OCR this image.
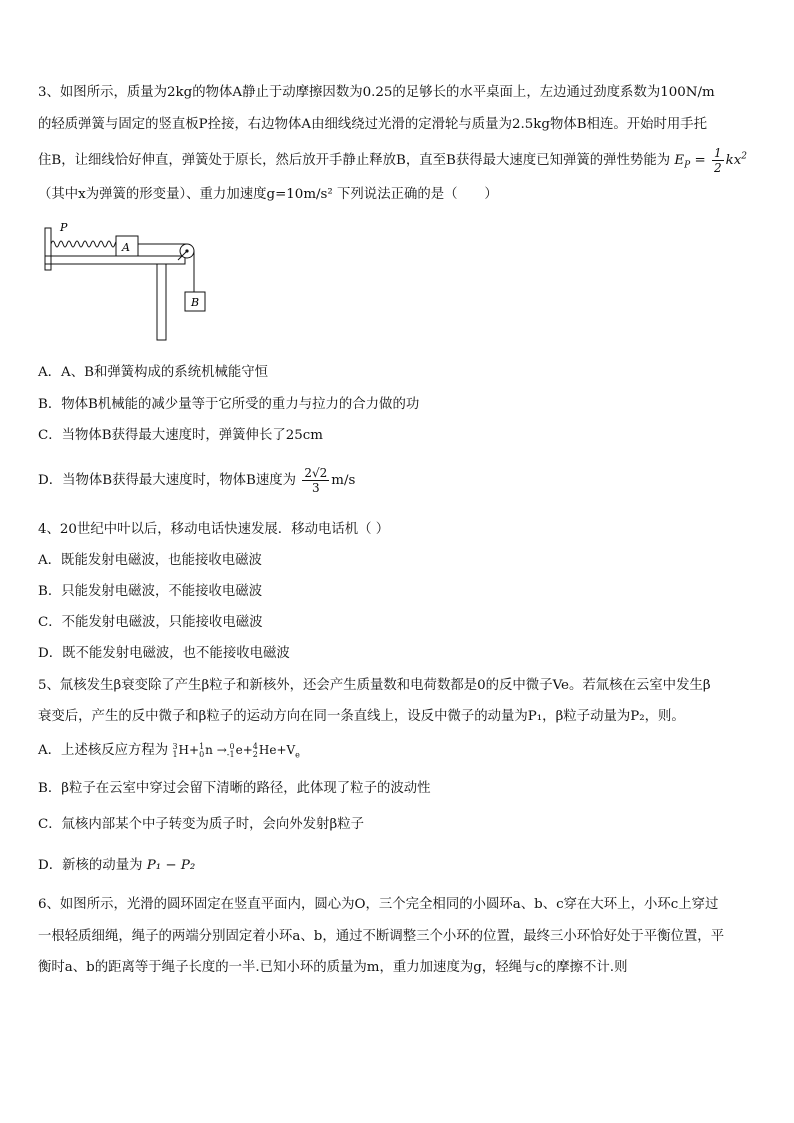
3、如图所示，质量为2kg的物体A静止于动摩擦因数为0.25的足够长的水平桌面上，左边通过劲度系数为100N/m
的轻质弹簧与固定的竖直板P拴接，右边物体A由细线绕过光滑的定滑轮与质量为2.5kg物体B相连。开始时用手托
住B，让细线恰好伸直，弹簧处于原长，然后放开手静止释放B，直至B获得最大速度已知弹簧的弹性势能为 $E_P = \frac{1}{2} kx^2$
（其中x为弹簧的形变量）、重力加速度g=10m/s² 下列说法正确的是（　　）
P
A
B
A．A、B和弹簧构成的系统机械能守恒
B．物体B机械能的减少量等于它所受的重力与拉力的合力做的功
C．当物体B获得最大速度时，弹簧伸长了25cm
D．当物体B获得最大速度时，物体B速度为 $\frac{2√2}{3} m/s$
4、20世纪中叶以后，移动电话快速发展．移动电话机（ ）
A．既能发射电磁波，也能接收电磁波
B．只能发射电磁波，不能接收电磁波
C．不能发射电磁波，只能接收电磁波
D．既不能发射电磁波，也不能接收电磁波
5、氚核发生β衰变除了产生β粒子和新核外，还会产生质量数和电荷数都是0的反中微子Ve。若氚核在云室中发生β
衰变后，产生的反中微子和β粒子的运动方向在同一条直线上，设反中微子的动量为P₁，β粒子动量为P₂，则。
A．上述核反应方程为 3
1 H+ 1
0 n → 0
-1 e+ 4
2 $He+V_e$
B．β粒子在云室中穿过会留下清晰的路径，此体现了粒子的波动性
C．氚核内部某个中子转变为质子时，会向外发射β粒子
D．新核的动量为 P₁ − P₂
6、如图所示，光滑的圆环固定在竖直平面内，圆心为O，三个完全相同的小圆环a、b、c穿在大环上，小环c上穿过
一根轻质细绳，绳子的两端分别固定着小环a、b，通过不断调整三个小环的位置，最终三小环恰好处于平衡位置，平
衡时a、b的距离等于绳子长度的一半.已知小环的质量为m，重力加速度为g，轻绳与c的摩擦不计.则
